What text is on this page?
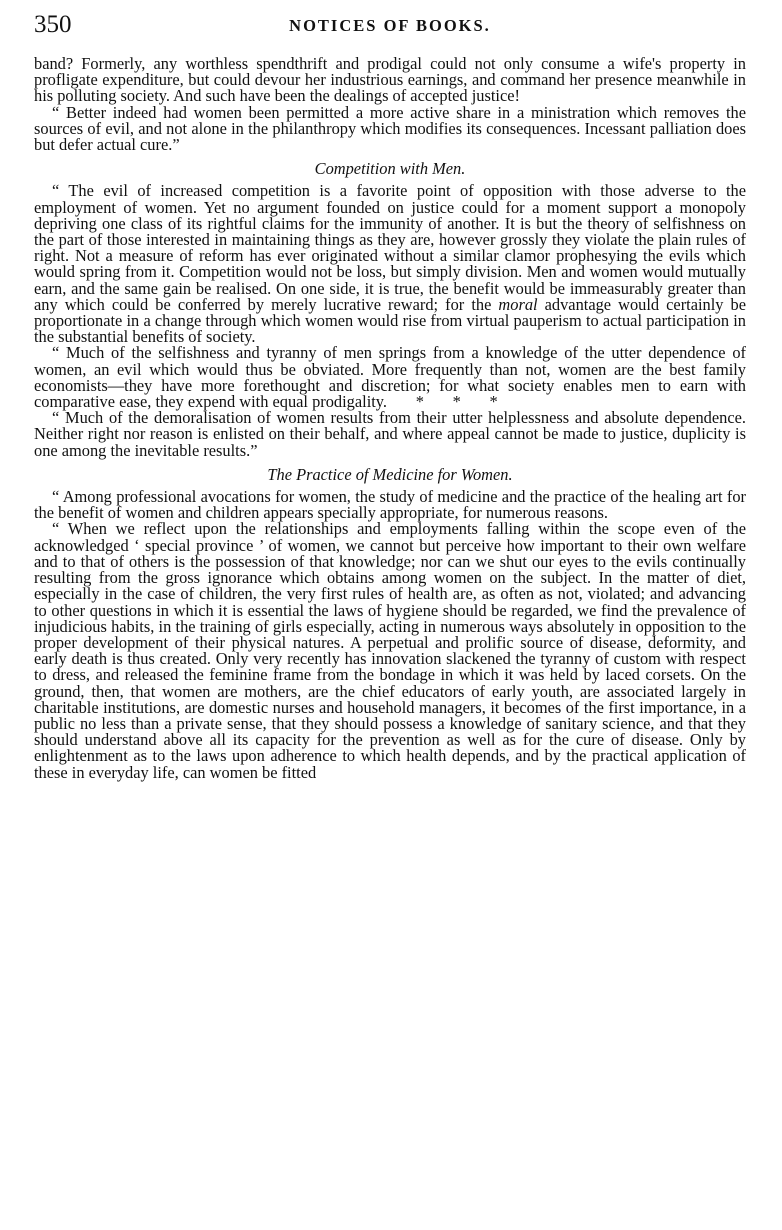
350	NOTICES OF BOOKS.

band? Formerly, any worthless spendthrift and prodigal could not only consume a wife's property in profligate expenditure, but could devour her industrious earnings, and command her presence meanwhile in his polluting society. And such have been the dealings of accepted justice!

“ Better indeed had women been permitted a more active share in a ministration which removes the sources of evil, and not alone in the philanthropy which modifies its consequences. Incessant palliation does but defer actual cure.”

Competition with Men.

“ The evil of increased competition is a favorite point of opposition with those adverse to the employment of women. Yet no argument founded on justice could for a moment support a monopoly depriving one class of its rightful claims for the immunity of another. It is but the theory of selfishness on the part of those interested in maintaining things as they are, however grossly they violate the plain rules of right. Not a measure of reform has ever originated without a similar clamor prophesying the evils which would spring from it. Competition would not be loss, but simply division. Men and women would mutually earn, and the same gain be realised. On one side, it is true, the benefit would be immeasurably greater than any which could be conferred by merely lucrative reward; for the moral advantage would certainly be proportionate in a change through which women would rise from virtual pauperism to actual participation in the substantial benefits of society.

“ Much of the selfishness and tyranny of men springs from a knowledge of the utter dependence of women, an evil which would thus be obviated. More frequently than not, women are the best family economists—they have more forethought and discretion; for what society enables men to earn with comparative ease, they expend with equal prodigality.       *       *       *

“ Much of the demoralisation of women results from their utter helplessness and absolute dependence. Neither right nor reason is enlisted on their behalf, and where appeal cannot be made to justice, duplicity is one among the inevitable results.”

The Practice of Medicine for Women.

“ Among professional avocations for women, the study of medicine and the practice of the healing art for the benefit of women and children appears specially appropriate, for numerous reasons.

“ When we reflect upon the relationships and employments falling within the scope even of the acknowledged ‘ special province ’ of women, we cannot but perceive how important to their own welfare and to that of others is the possession of that knowledge; nor can we shut our eyes to the evils continually resulting from the gross ignorance which obtains among women on the subject. In the matter of diet, especially in the case of children, the very first rules of health are, as often as not, violated; and advancing to other questions in which it is essential the laws of hygiene should be regarded, we find the prevalence of injudicious habits, in the training of girls especially, acting in numerous ways absolutely in opposition to the proper development of their physical natures. A perpetual and prolific source of disease, deformity, and early death is thus created. Only very recently has innovation slackened the tyranny of custom with respect to dress, and released the feminine frame from the bondage in which it was held by laced corsets. On the ground, then, that women are mothers, are the chief educators of early youth, are associated largely in charitable institutions, are domestic nurses and household managers, it becomes of the first importance, in a public no less than a private sense, that they should possess a knowledge of sanitary science, and that they should understand above all its capacity for the prevention as well as for the cure of disease. Only by enlightenment as to the laws upon adherence to which health depends, and by the practical application of these in everyday life, can women be fitted
